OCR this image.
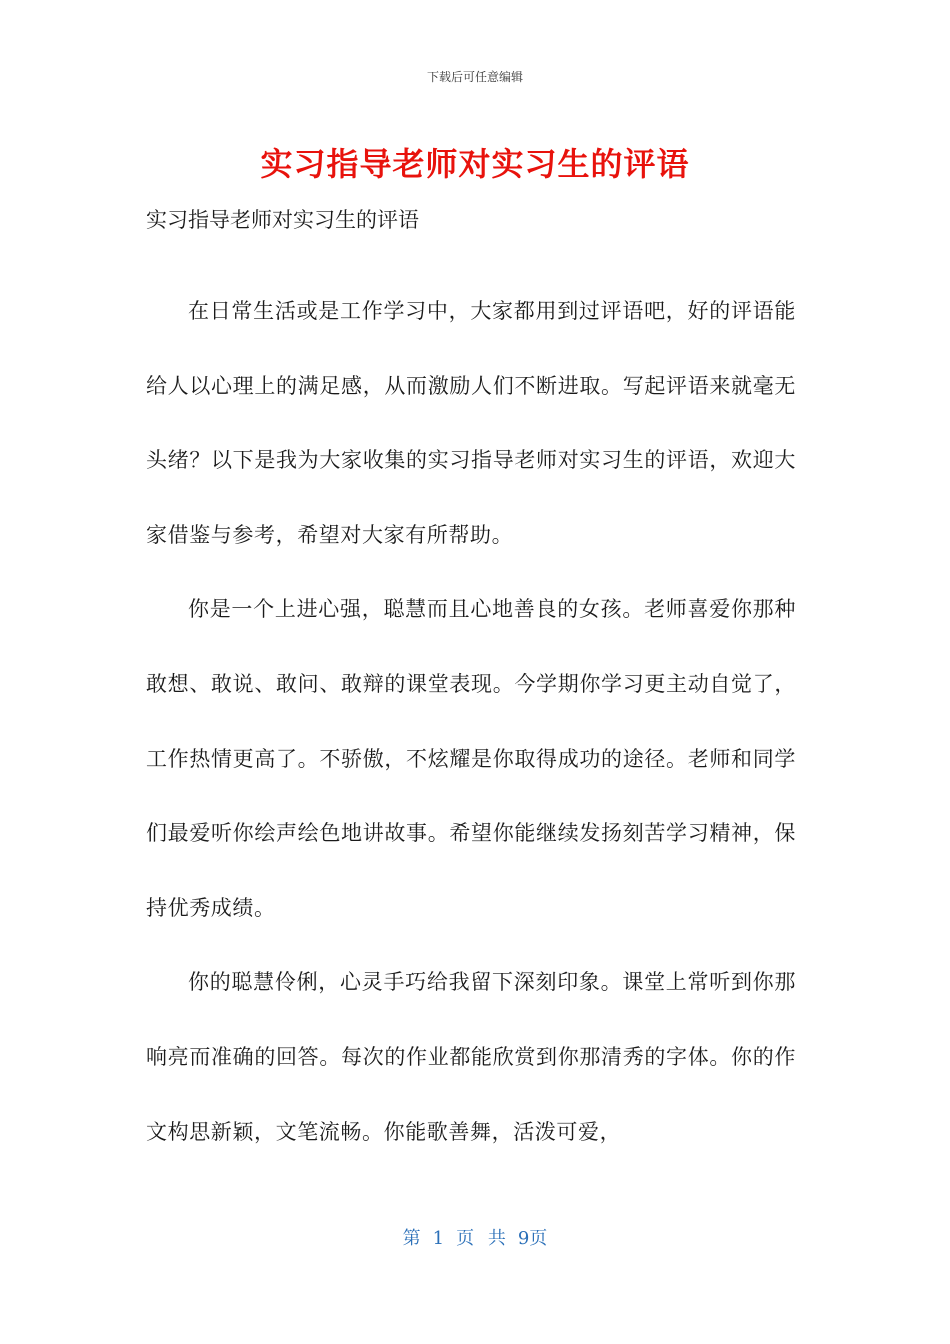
下载后可任意编辑
实习指导老师对实习生的评语
实习指导老师对实习生的评语

在日常生活或是工作学习中，大家都用到过评语吧，好的评语能给人以心理上的满足感，从而激励人们不断进取。写起评语来就毫无头绪？以下是我为大家收集的实习指导老师对实习生的评语，欢迎大家借鉴与参考，希望对大家有所帮助。

你是一个上进心强，聪慧而且心地善良的女孩。老师喜爱你那种敢想、敢说、敢问、敢辩的课堂表现。今学期你学习更主动自觉了，工作热情更高了。不骄傲，不炫耀是你取得成功的途径。老师和同学们最爱听你绘声绘色地讲故事。希望你能继续发扬刻苦学习精神，保持优秀成绩。

你的聪慧伶俐，心灵手巧给我留下深刻印象。课堂上常听到你那响亮而准确的回答。每次的作业都能欣赏到你那清秀的字体。你的作文构思新颖，文笔流畅。你能歌善舞，活泼可爱，

第 1 页 共 9页
